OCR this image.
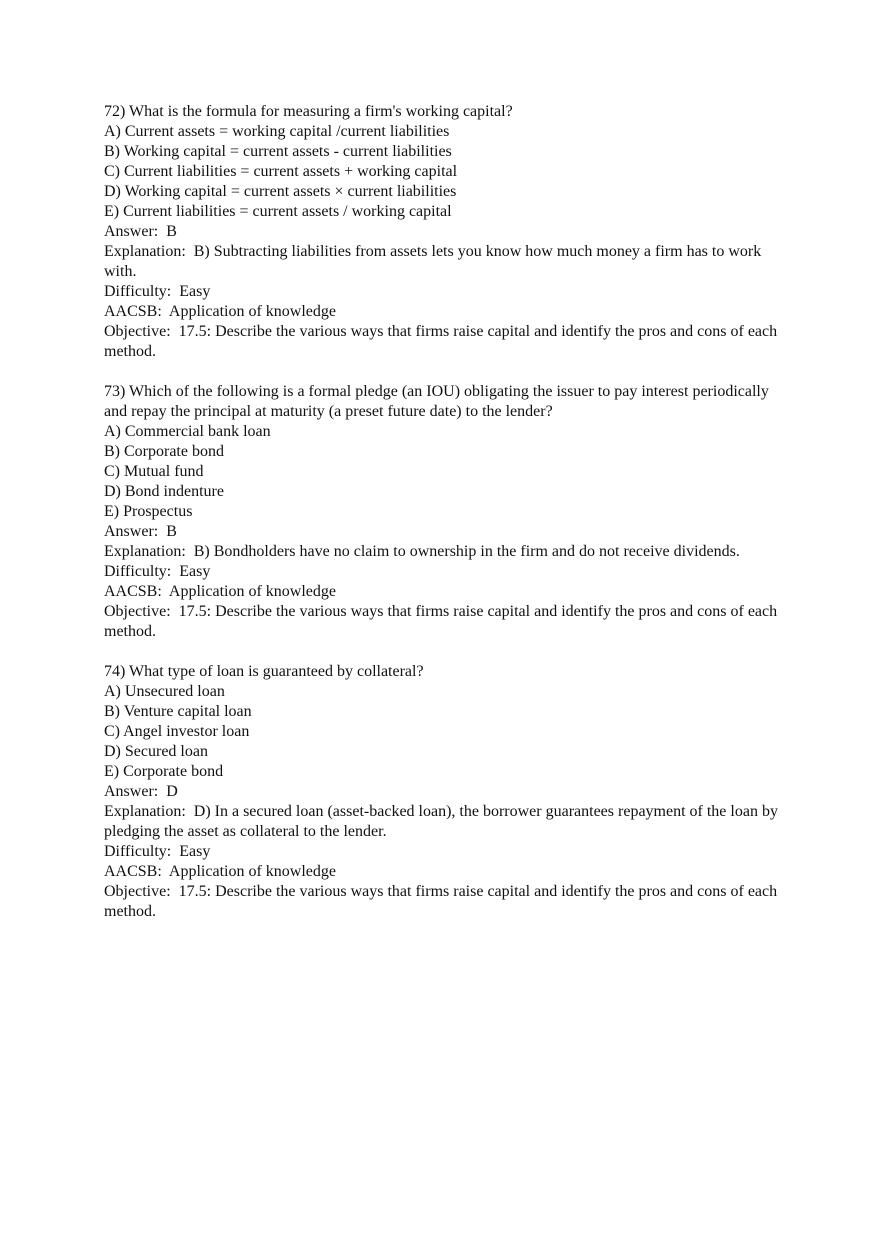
72) What is the formula for measuring a firm's working capital?
A) Current assets = working capital /current liabilities
B) Working capital = current assets - current liabilities
C) Current liabilities = current assets + working capital
D) Working capital = current assets × current liabilities
E) Current liabilities = current assets / working capital
Answer:  B
Explanation:  B) Subtracting liabilities from assets lets you know how much money a firm has to work with.
Difficulty:  Easy
AACSB:  Application of knowledge
Objective:  17.5: Describe the various ways that firms raise capital and identify the pros and cons of each method.
73) Which of the following is a formal pledge (an IOU) obligating the issuer to pay interest periodically and repay the principal at maturity (a preset future date) to the lender?
A) Commercial bank loan
B) Corporate bond
C) Mutual fund
D) Bond indenture
E) Prospectus
Answer:  B
Explanation:  B) Bondholders have no claim to ownership in the firm and do not receive dividends.
Difficulty:  Easy
AACSB:  Application of knowledge
Objective:  17.5: Describe the various ways that firms raise capital and identify the pros and cons of each method.
74) What type of loan is guaranteed by collateral?
A) Unsecured loan
B) Venture capital loan
C) Angel investor loan
D) Secured loan
E) Corporate bond
Answer:  D
Explanation:  D) In a secured loan (asset-backed loan), the borrower guarantees repayment of the loan by pledging the asset as collateral to the lender.
Difficulty:  Easy
AACSB:  Application of knowledge
Objective:  17.5: Describe the various ways that firms raise capital and identify the pros and cons of each method.
